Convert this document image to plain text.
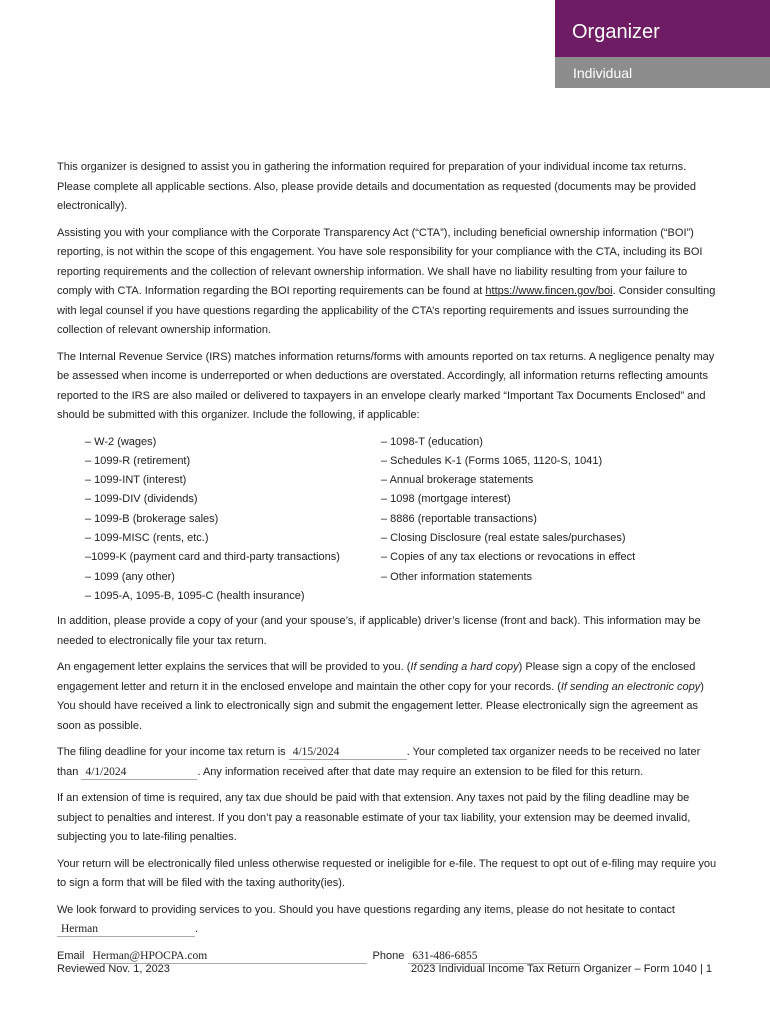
Organizer
Individual

This organizer is designed to assist you in gathering the information required for preparation of your individual income tax returns. Please complete all applicable sections. Also, please provide details and documentation as requested (documents may be provided electronically).

Assisting you with your compliance with the Corporate Transparency Act (“CTA”), including beneficial ownership information (“BOI”) reporting, is not within the scope of this engagement. You have sole responsibility for your compliance with the CTA, including its BOI reporting requirements and the collection of relevant ownership information. We shall have no liability resulting from your failure to comply with CTA. Information regarding the BOI reporting requirements can be found at https://www.fincen.gov/boi. Consider consulting with legal counsel if you have questions regarding the applicability of the CTA’s reporting requirements and issues surrounding the collection of relevant ownership information.

The Internal Revenue Service (IRS) matches information returns/forms with amounts reported on tax returns. A negligence penalty may be assessed when income is underreported or when deductions are overstated. Accordingly, all information returns reflecting amounts reported to the IRS are also mailed or delivered to taxpayers in an envelope clearly marked “Important Tax Documents Enclosed” and should be submitted with this organizer. Include the following, if applicable:

– W-2 (wages)
– 1099-R (retirement)
– 1099-INT (interest)
– 1099-DIV (dividends)
– 1099-B (brokerage sales)
– 1099-MISC (rents, etc.)
–1099-K (payment card and third-party transactions)
– 1099 (any other)
– 1095-A, 1095-B, 1095-C (health insurance)
– 1098-T (education)
– Schedules K-1 (Forms 1065, 1120-S, 1041)
– Annual brokerage statements
– 1098 (mortgage interest)
– 8886 (reportable transactions)
– Closing Disclosure (real estate sales/purchases)
– Copies of any tax elections or revocations in effect
– Other information statements

In addition, please provide a copy of your (and your spouse’s, if applicable) driver’s license (front and back). This information may be needed to electronically file your tax return.

An engagement letter explains the services that will be provided to you. (If sending a hard copy) Please sign a copy of the enclosed engagement letter and return it in the enclosed envelope and maintain the other copy for your records. (If sending an electronic copy) You should have received a link to electronically sign and submit the engagement letter. Please electronically sign the agreement as soon as possible.

The filing deadline for your income tax return is 4/15/2024	. Your completed tax organizer needs to be received no later than 4/1/2024	. Any information received after that date may require an extension to be filed for this return.

If an extension of time is required, any tax due should be paid with that extension. Any taxes not paid by the filing deadline may be subject to penalties and interest. If you don’t pay a reasonable estimate of your tax liability, your extension may be deemed invalid, subjecting you to late-filing penalties.

Your return will be electronically filed unless otherwise requested or ineligible for e-file. The request to opt out of e-filing may require you to sign a form that will be filed with the taxing authority(ies).

We look forward to providing services to you. Should you have questions regarding any items, please do not hesitate to contact Herman	.

Email Herman@HPOCPA.com	Phone 631-486-6855
Reviewed Nov. 1, 2023	2023 Individual Income Tax Return Organizer – Form 1040 | 1
